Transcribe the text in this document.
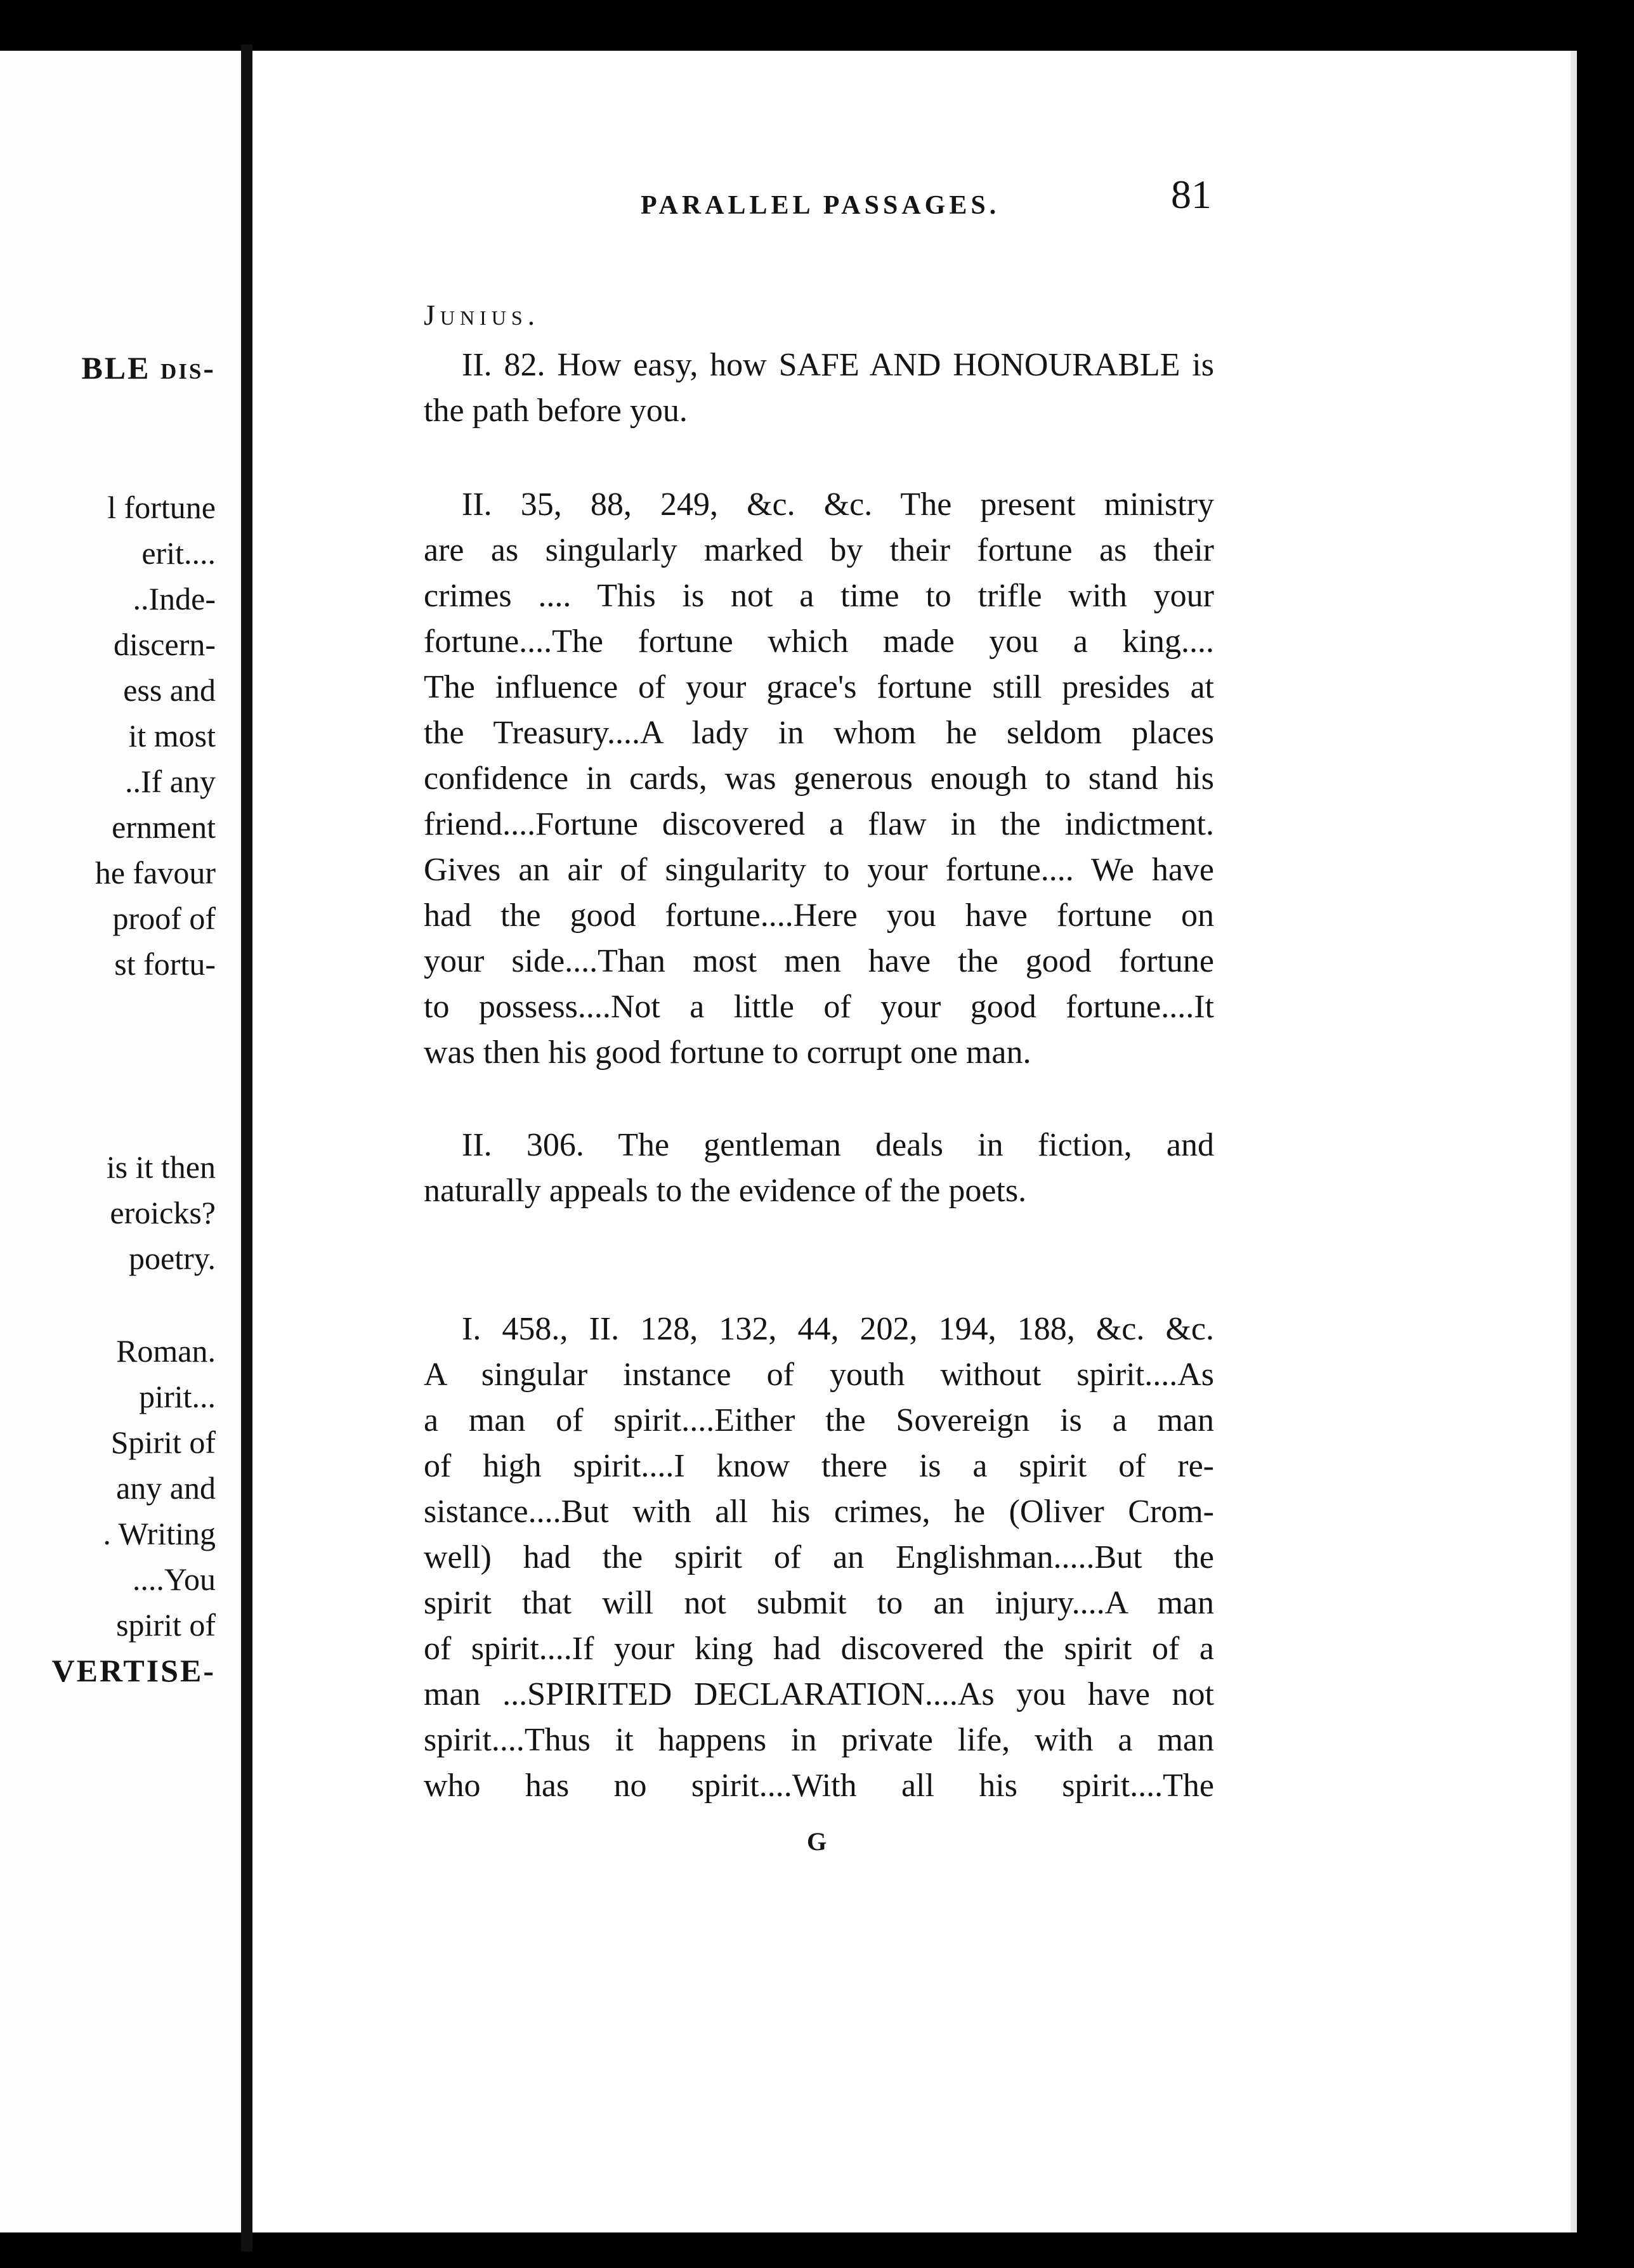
BLE dis-
l fortune
erit....
..Inde-
discern-
ess and
it most
..If any
ernment
he favour
proof of
st fortu-
is it then
eroicks?
poetry.
Roman.
pirit...
Spirit of
any and
. Writing
....You
spirit of
VERTISE-
PARALLEL PASSAGES.	81
Junius.
II. 82. How easy, how SAFE AND HONOURABLE is
the path before you.
II. 35, 88, 249, &c. &c. The present ministry
are as singularly marked by their fortune as their
crimes .... This is not a time to trifle with your
fortune....The fortune which made you a king....
The influence of your grace's fortune still presides at
the Treasury....A lady in whom he seldom places
confidence in cards, was generous enough to stand his
friend....Fortune discovered a flaw in the indictment.
Gives an air of singularity to your fortune.... We have
had the good fortune....Here you have fortune on
your side....Than most men have the good fortune
to possess....Not a little of your good fortune....It
was then his good fortune to corrupt one man.
II. 306. The gentleman deals in fiction, and
naturally appeals to the evidence of the poets.
I. 458., II. 128, 132, 44, 202, 194, 188, &c. &c.
A singular instance of youth without spirit....As
a man of spirit....Either the Sovereign is a man
of high spirit....I know there is a spirit of re-
sistance....But with all his crimes, he (Oliver Crom-
well) had the spirit of an Englishman.....But the
spirit that will not submit to an injury....A man
of spirit....If your king had discovered the spirit of a
man ...SPIRITED DECLARATION....As you have not
spirit....Thus it happens in private life, with a man
who has no spirit....With all his spirit....The
G
